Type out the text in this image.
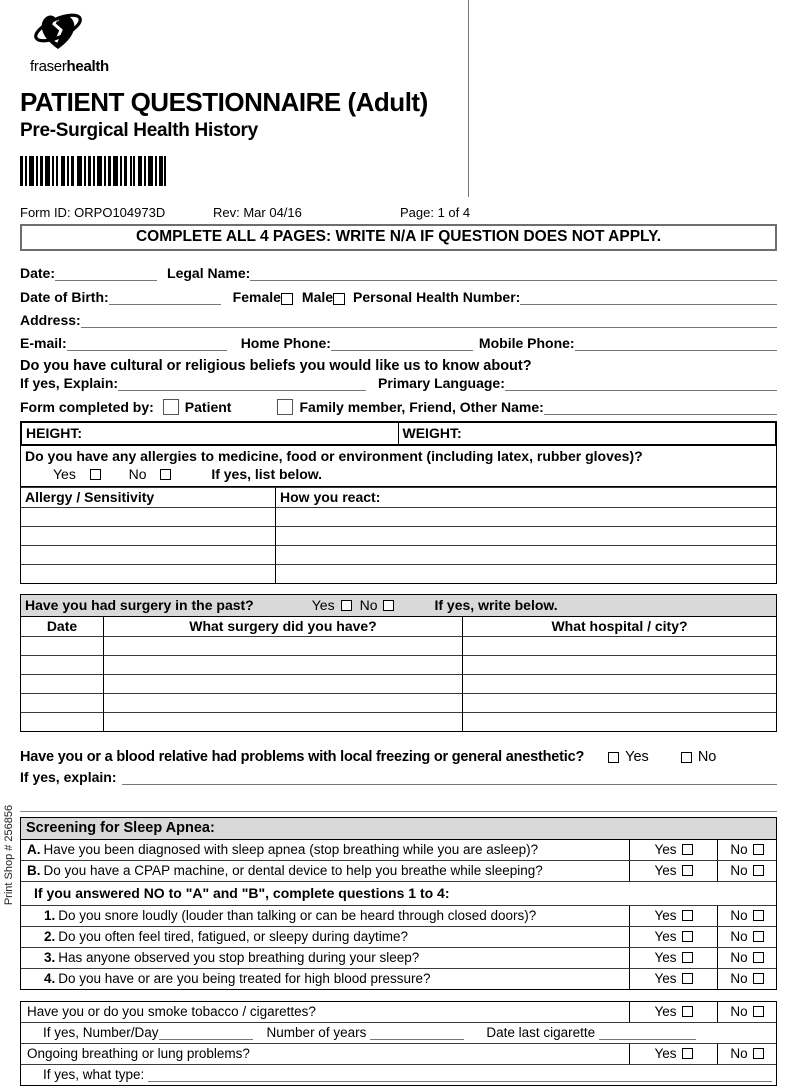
Print Shop # 256856
fraserhealth
PATIENT QUESTIONNAIRE (Adult)
Pre-Surgical Health History
Form ID: ORPO104973D	Rev: Mar 04/16	Page: 1 of 4
COMPLETE ALL 4 PAGES: WRITE N/A IF QUESTION DOES NOT APPLY.
Date:	Legal Name:
Date of Birth:	Female Male Personal Health Number:
Address:
E-mail:	Home Phone:	Mobile Phone:
Do you have cultural or religious beliefs you would like us to know about?
If yes, Explain:	Primary Language:
Form completed by: Patient	Family member, Friend, Other Name:
HEIGHT:	WEIGHT:
Do you have any allergies to medicine, food or environment (including latex, rubber gloves)?
Yes	No	If yes, list below.
Allergy / Sensitivity	How you react:
Have you had surgery in the past?	Yes No	If yes, write below.
Date	What surgery did you have?	What hospital / city?
Have you or a blood relative had problems with local freezing or general anesthetic?	Yes	No
If yes, explain:
Screening for Sleep Apnea:
A. Have you been diagnosed with sleep apnea (stop breathing while you are asleep)?	Yes	No
B. Do you have a CPAP machine, or dental device to help you breathe while sleeping?	Yes	No
If you answered NO to "A" and "B", complete questions 1 to 4:
1. Do you snore loudly (louder than talking or can be heard through closed doors)?	Yes	No
2. Do you often feel tired, fatigued, or sleepy during daytime?	Yes	No
3. Has anyone observed you stop breathing during your sleep?	Yes	No
4. Do you have or are you being treated for high blood pressure?	Yes	No
Have you or do you smoke tobacco / cigarettes?	Yes	No
If yes, Number/Day	Number of years	Date last cigarette
Ongoing breathing or lung problems?	Yes	No
If yes, what type:
